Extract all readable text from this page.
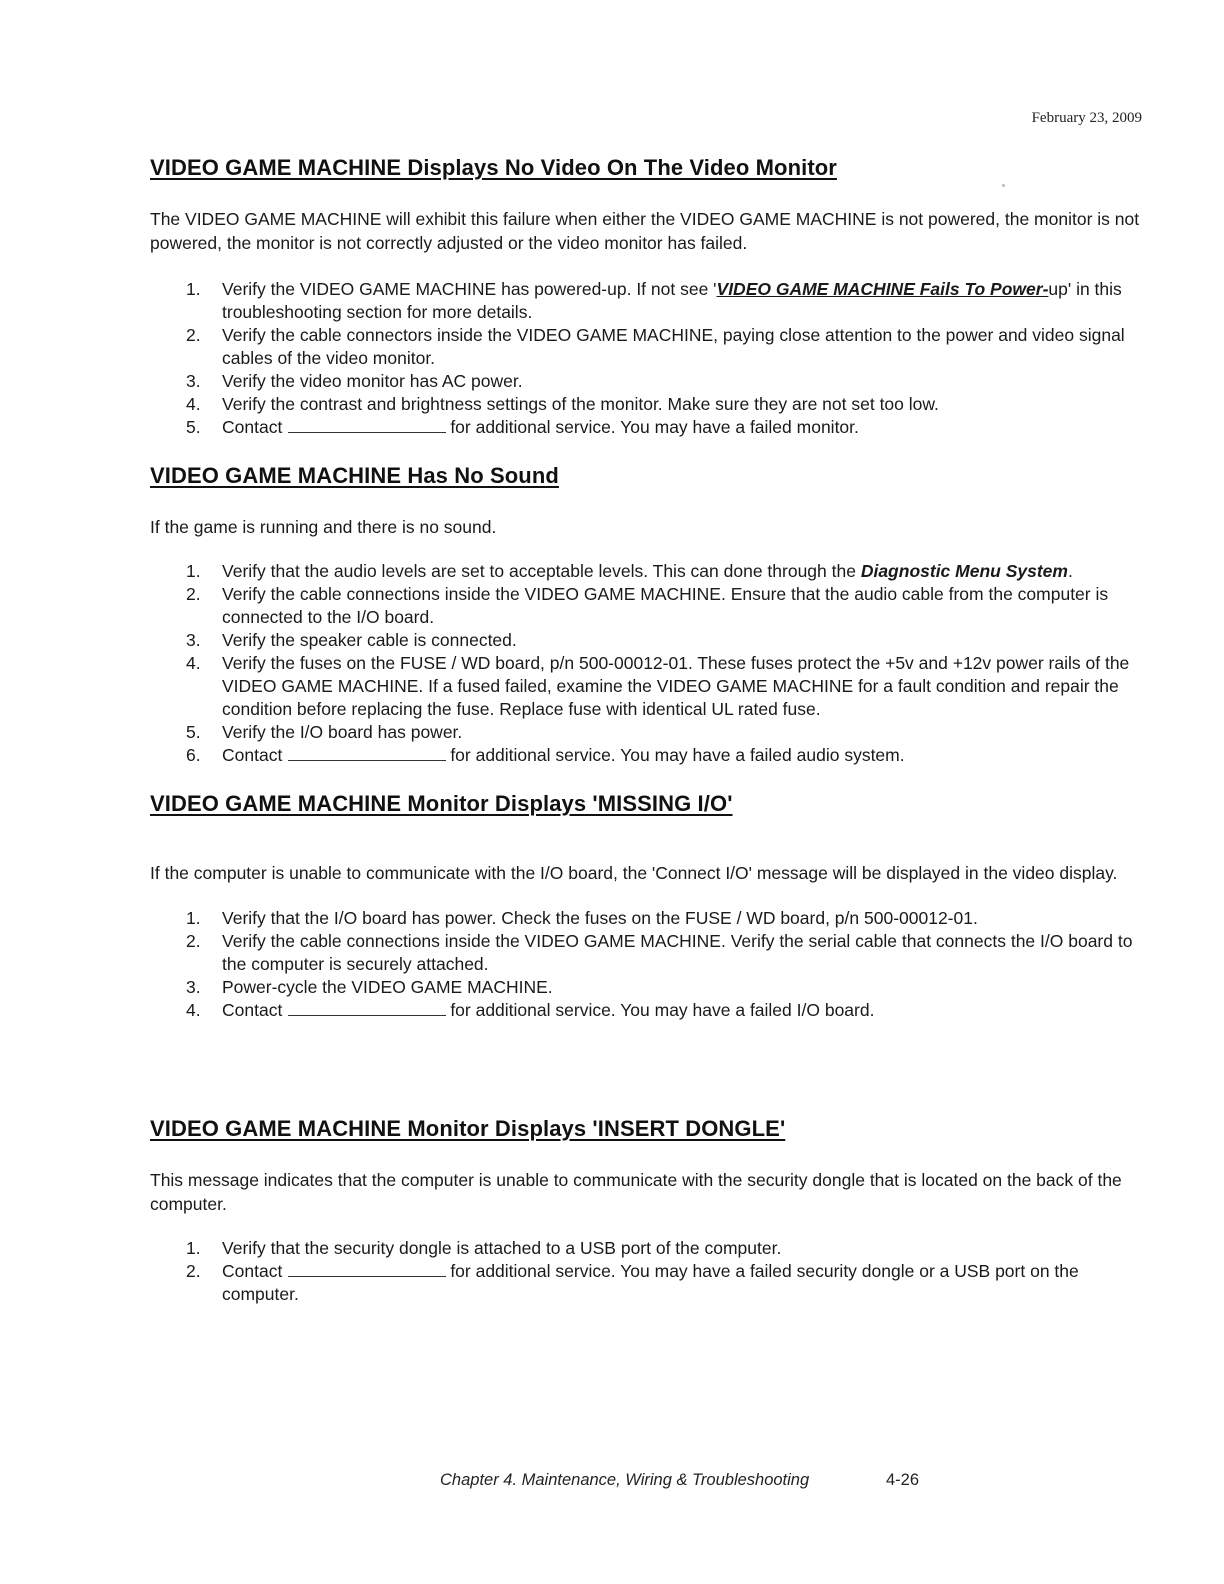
February 23, 2009
VIDEO GAME MACHINE Displays No Video On The Video Monitor

The VIDEO GAME MACHINE will exhibit this failure when either the VIDEO GAME MACHINE is not powered, the monitor is not powered, the monitor is not correctly adjusted or the video monitor has failed.

1. Verify the VIDEO GAME MACHINE has powered-up. If not see 'VIDEO GAME MACHINE Fails To Power-up' in this troubleshooting section for more details.
2. Verify the cable connectors inside the VIDEO GAME MACHINE, paying close attention to the power and video signal cables of the video monitor.
3. Verify the video monitor has AC power.
4. Verify the contrast and brightness settings of the monitor. Make sure they are not set too low.
5. Contact	for additional service. You may have a failed monitor.
VIDEO GAME MACHINE Has No Sound

If the game is running and there is no sound.

1. Verify that the audio levels are set to acceptable levels. This can done through the Diagnostic Menu System.
2. Verify the cable connections inside the VIDEO GAME MACHINE. Ensure that the audio cable from the computer is connected to the I/O board.
3. Verify the speaker cable is connected.
4. Verify the fuses on the FUSE / WD board, p/n 500-00012-01. These fuses protect the +5v and +12v power rails of the VIDEO GAME MACHINE. If a fused failed, examine the VIDEO GAME MACHINE for a fault condition and repair the condition before replacing the fuse. Replace fuse with identical UL rated fuse.
5. Verify the I/O board has power.
6. Contact	for additional service. You may have a failed audio system.
VIDEO GAME MACHINE Monitor Displays 'MISSING I/O'

If the computer is unable to communicate with the I/O board, the 'Connect I/O' message will be displayed in the video display.

1. Verify that the I/O board has power. Check the fuses on the FUSE / WD board, p/n 500-00012-01.
2. Verify the cable connections inside the VIDEO GAME MACHINE. Verify the serial cable that connects the I/O board to the computer is securely attached.
3. Power-cycle the VIDEO GAME MACHINE.
4. Contact	for additional service. You may have a failed I/O board.
VIDEO GAME MACHINE Monitor Displays 'INSERT DONGLE'

This message indicates that the computer is unable to communicate with the security dongle that is located on the back of the computer.

1. Verify that the security dongle is attached to a USB port of the computer.
2. Contact	for additional service. You may have a failed security dongle or a USB port on the computer.
Chapter 4. Maintenance, Wiring & Troubleshooting	4-26
